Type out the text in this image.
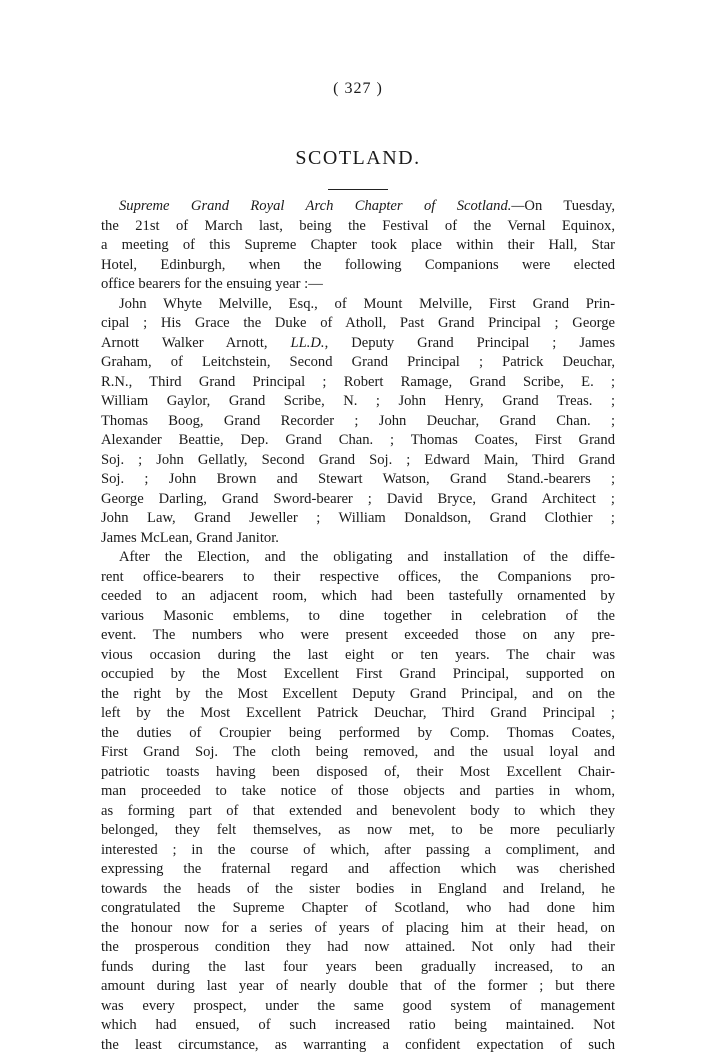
( 327 )
SCOTLAND.
Supreme Grand Royal Arch Chapter of Scotland.—On Tuesday,
the 21st of March last, being the Festival of the Vernal Equinox,
a meeting of this Supreme Chapter took place within their Hall, Star
Hotel, Edinburgh, when the following Companions were elected
office bearers for the ensuing year :—
John Whyte Melville, Esq., of Mount Melville, First Grand Prin-
cipal ; His Grace the Duke of Atholl, Past Grand Principal ; George
Arnott Walker Arnott, LL.D., Deputy Grand Principal ; James
Graham, of Leitchstein, Second Grand Principal ; Patrick Deuchar,
R.N., Third Grand Principal ; Robert Ramage, Grand Scribe, E. ;
William Gaylor, Grand Scribe, N. ; John Henry, Grand Treas. ;
Thomas Boog, Grand Recorder ; John Deuchar, Grand Chan. ;
Alexander Beattie, Dep. Grand Chan. ; Thomas Coates, First Grand
Soj. ; John Gellatly, Second Grand Soj. ; Edward Main, Third Grand
Soj. ; John Brown and Stewart Watson, Grand Stand.-bearers ;
George Darling, Grand Sword-bearer ; David Bryce, Grand Architect ;
John Law, Grand Jeweller ; William Donaldson, Grand Clothier ;
James McLean, Grand Janitor.
After the Election, and the obligating and installation of the diffe-
rent office-bearers to their respective offices, the Companions pro-
ceeded to an adjacent room, which had been tastefully ornamented by
various Masonic emblems, to dine together in celebration of the
event. The numbers who were present exceeded those on any pre-
vious occasion during the last eight or ten years. The chair was
occupied by the Most Excellent First Grand Principal, supported on
the right by the Most Excellent Deputy Grand Principal, and on the
left by the Most Excellent Patrick Deuchar, Third Grand Principal ;
the duties of Croupier being performed by Comp. Thomas Coates,
First Grand Soj. The cloth being removed, and the usual loyal and
patriotic toasts having been disposed of, their Most Excellent Chair-
man proceeded to take notice of those objects and parties in whom,
as forming part of that extended and benevolent body to which they
belonged, they felt themselves, as now met, to be more peculiarly
interested ; in the course of which, after passing a compliment, and
expressing the fraternal regard and affection which was cherished
towards the heads of the sister bodies in England and Ireland, he
congratulated the Supreme Chapter of Scotland, who had done him
the honour now for a series of years of placing him at their head, on
the prosperous condition they had now attained. Not only had their
funds during the last four years been gradually increased, to an
amount during last year of nearly double that of the former ; but there
was every prospect, under the same good system of management
which had ensued, of such increased ratio being maintained. Not
the least circumstance, as warranting a confident expectation of such
